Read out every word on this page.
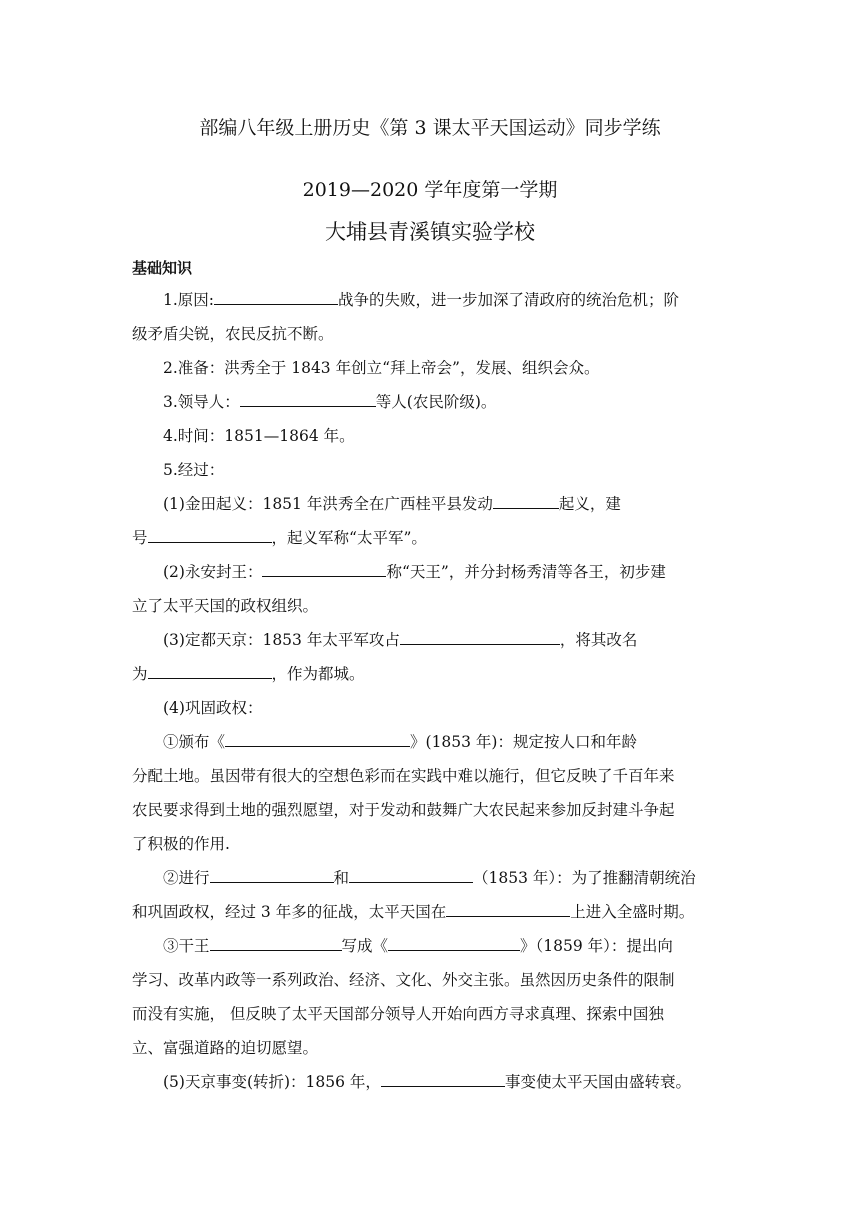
部编八年级上册历史《第 3 课太平天国运动》同步学练
2019—2020 学年度第一学期
大埔县青溪镇实验学校
基础知识
1.原因:	战争的失败，进一步加深了清政府的统治危机；阶
级矛盾尖锐，农民反抗不断。
2.准备：洪秀全于 1843 年创立“拜上帝会”，发展、组织会众。
3.领导人：	等人(农民阶级)。
4.时间：1851—1864 年。
5.经过：
(1)金田起义：1851 年洪秀全在广西桂平县发动	起义，建
号	，起义军称“太平军”。
(2)永安封王：	称“天王”，并分封杨秀清等各王，初步建
立了太平天国的政权组织。
(3)定都天京：1853 年太平军攻占	，将其改名
为	，作为都城。
(4)巩固政权：
①颁布《	》(1853 年)：规定按人口和年龄
分配土地。虽因带有很大的空想色彩而在实践中难以施行，但它反映了千百年来
农民要求得到土地的强烈愿望，对于发动和鼓舞广大农民起来参加反封建斗争起
了积极的作用.
②进行	和	（1853 年）：为了推翻清朝统治
和巩固政权，经过 3 年多的征战，太平天国在	上进入全盛时期。
③干王	写成《	》（1859 年）：提出向
学习、改革内政等一系列政治、经济、文化、外交主张。虽然因历史条件的限制
而没有实施， 但反映了太平天国部分领导人开始向西方寻求真理、探索中国独
立、富强道路的迫切愿望。
(5)天京事变(转折)：1856 年，	事变使太平天国由盛转衰。
